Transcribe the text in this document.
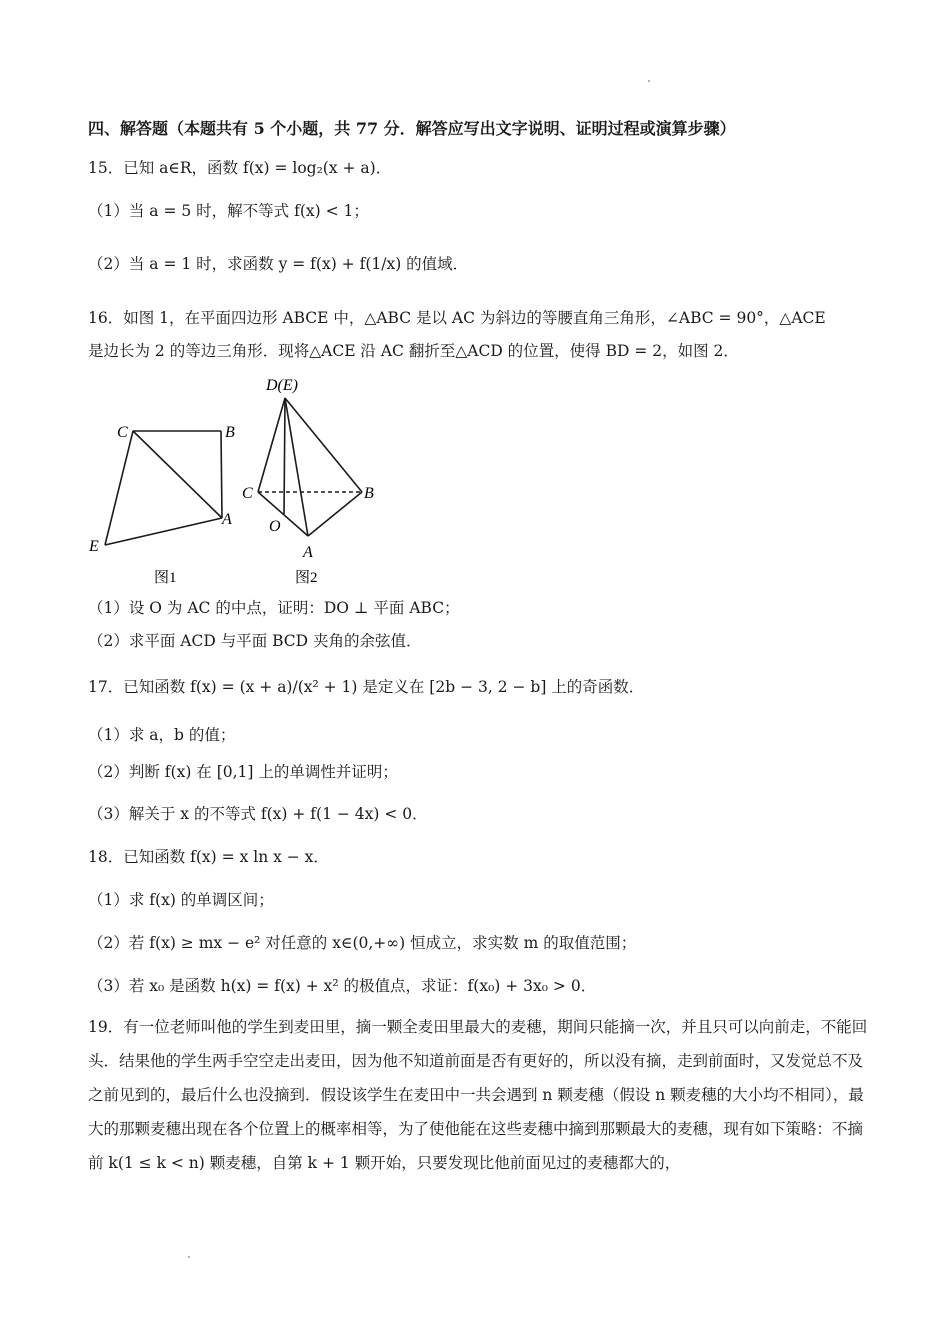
四、解答题（本题共有 5 个小题，共 77 分．解答应写出文字说明、证明过程或演算步骤）
15．已知 a∈R，函数 f(x) = log₂(x + a)．
（1）当 a = 5 时，解不等式 f(x) < 1；
（2）当 a = 1 时，求函数 y = f(x) + f(1/x) 的值域．
16．如图 1，在平面四边形 ABCE 中，△ABC 是以 AC 为斜边的等腰直角三角形，∠ABC = 90°，△ACE
是边长为 2 的等边三角形．现将△ACE 沿 AC 翻折至△ACD 的位置，使得 BD = 2，如图 2．
C	B
A
E
图1
D(E)
C	B
O
A
图2
（1）设 O 为 AC 的中点，证明：DO ⊥ 平面 ABC；
（2）求平面 ACD 与平面 BCD 夹角的余弦值．
17．已知函数 f(x) = (x + a)/(x² + 1) 是定义在 [2b − 3, 2 − b] 上的奇函数．
（1）求 a，b 的值；
（2）判断 f(x) 在 [0,1] 上的单调性并证明；
（3）解关于 x 的不等式 f(x) + f(1 − 4x) < 0．
18．已知函数 f(x) = x ln x − x．
（1）求 f(x) 的单调区间；
（2）若 f(x) ≥ mx − e² 对任意的 x∈(0,+∞) 恒成立，求实数 m 的取值范围；
（3）若 x₀ 是函数 h(x) = f(x) + x² 的极值点，求证：f(x₀) + 3x₀ > 0．
19．有一位老师叫他的学生到麦田里，摘一颗全麦田里最大的麦穗，期间只能摘一次，并且只可以向前走，不能回头．结果他的学生两手空空走出麦田，因为他不知道前面是否有更好的，所以没有摘，走到前面时，又发觉总不及之前见到的，最后什么也没摘到．假设该学生在麦田中一共会遇到 n 颗麦穗（假设 n 颗麦穗的大小均不相同），最大的那颗麦穗出现在各个位置上的概率相等，为了使他能在这些麦穗中摘到那颗最大的麦穗，现有如下策略：不摘前 k(1 ≤ k < n) 颗麦穗，自第 k + 1 颗开始，只要发现比他前面见过的麦穗都大的，
